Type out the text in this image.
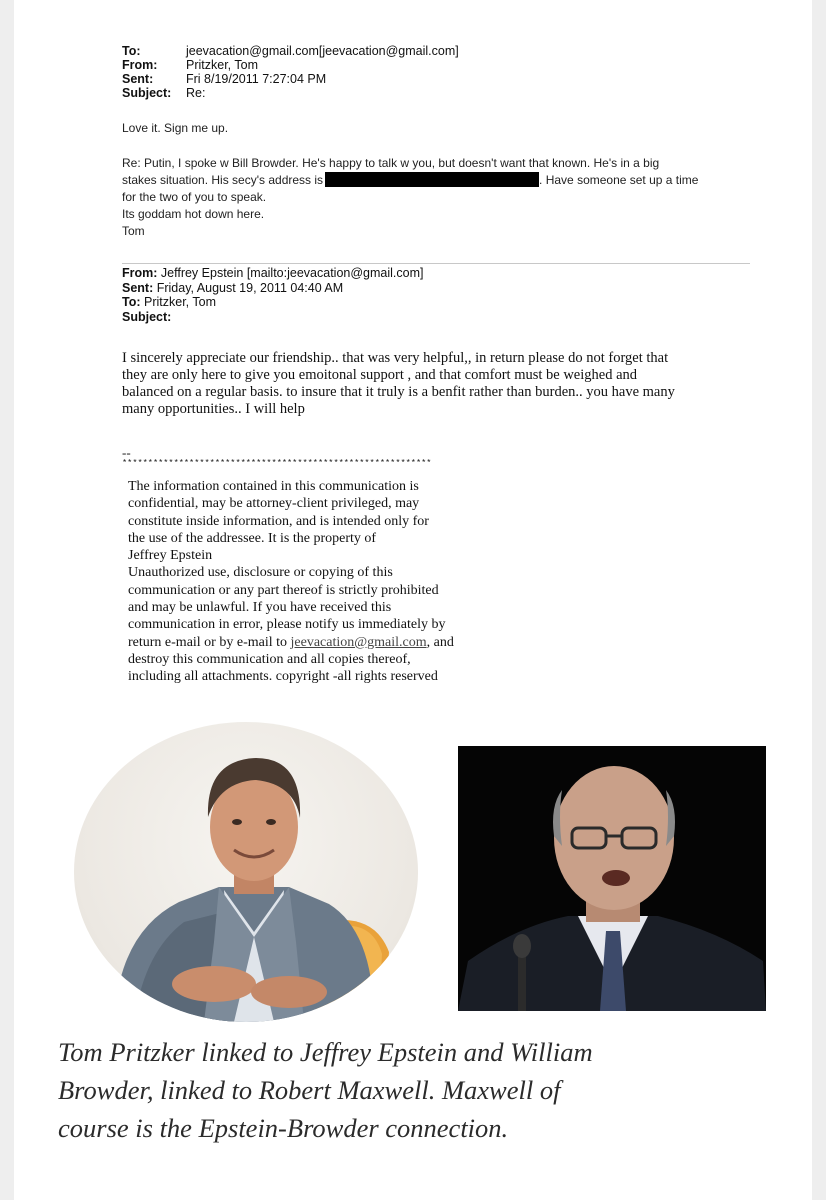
To:	jeevacation@gmail.com[jeevacation@gmail.com]
From:	Pritzker, Tom
Sent:	Fri 8/19/2011 7:27:04 PM
Subject:	Re:

Love it. Sign me up.

Re: Putin, I spoke w Bill Browder. He's happy to talk w you, but doesn't want that known. He's in a big

stakes situation. His secy's address is	. Have someone set up a time

for the two of you to speak.

Its goddam hot down here.

Tom

From: Jeffrey Epstein [mailto:jeevacation@gmail.com]
Sent: Friday, August 19, 2011 04:40 AM
To: Pritzker, Tom
Subject:

I sincerely appreciate our friendship.. that was very helpful,, in return please do not forget that

they are only here to give you emoitonal support , and that comfort must be weighed and

balanced on a regular basis. to insure that it truly is a benfit rather than burden.. you have many

many opportunities.. I will help

--
************************************************************
The information contained in this communication is
confidential, may be attorney-client privileged, may
constitute inside information, and is intended only for
the use of the addressee. It is the property of
Jeffrey Epstein
Unauthorized use, disclosure or copying of this
communication or any part thereof is strictly prohibited
and may be unlawful. If you have received this
communication in error, please notify us immediately by
return e-mail or by e-mail to jeevacation@gmail.com, and
destroy this communication and all copies thereof,
including all attachments. copyright -all rights reserved
Tom Pritzker linked to Jeffrey Epstein and William
Browder, linked to Robert Maxwell. Maxwell of
course is the Epstein-Browder connection.
